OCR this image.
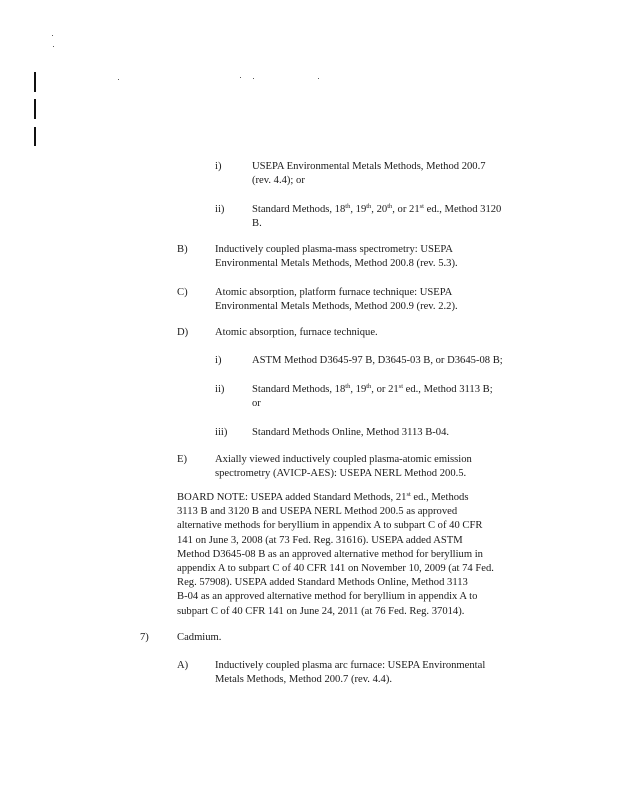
i)	USEPA Environmental Metals Methods, Method 200.7
(rev. 4.4); or
ii)	Standard Methods, 18th, 19th, 20th, or 21st ed., Method 3120
B.
B)	Inductively coupled plasma-mass spectrometry: USEPA
Environmental Metals Methods, Method 200.8 (rev. 5.3).
C)	Atomic absorption, platform furnace technique: USEPA
Environmental Metals Methods, Method 200.9 (rev. 2.2).
D)	Atomic absorption, furnace technique.
i)	ASTM Method D3645-97 B, D3645-03 B, or D3645-08 B;
ii)	Standard Methods, 18th, 19th, or 21st ed., Method 3113 B;
or
iii) Standard Methods Online, Method 3113 B-04.
E)	Axially viewed inductively coupled plasma-atomic emission
spectrometry (AVICP-AES): USEPA NERL Method 200.5.
BOARD NOTE: USEPA added Standard Methods, 21st ed., Methods
3113 B and 3120 B and USEPA NERL Method 200.5 as approved
alternative methods for beryllium in appendix A to subpart C of 40 CFR
141 on June 3, 2008 (at 73 Fed. Reg. 31616). USEPA added ASTM
Method D3645-08 B as an approved alternative method for beryllium in
appendix A to subpart C of 40 CFR 141 on November 10, 2009 (at 74 Fed.
Reg. 57908). USEPA added Standard Methods Online, Method 3113
B-04 as an approved alternative method for beryllium in appendix A to
subpart C of 40 CFR 141 on June 24, 2011 (at 76 Fed. Reg. 37014).
7)	Cadmium.
A)	Inductively coupled plasma arc furnace: USEPA Environmental
Metals Methods, Method 200.7 (rev. 4.4).
